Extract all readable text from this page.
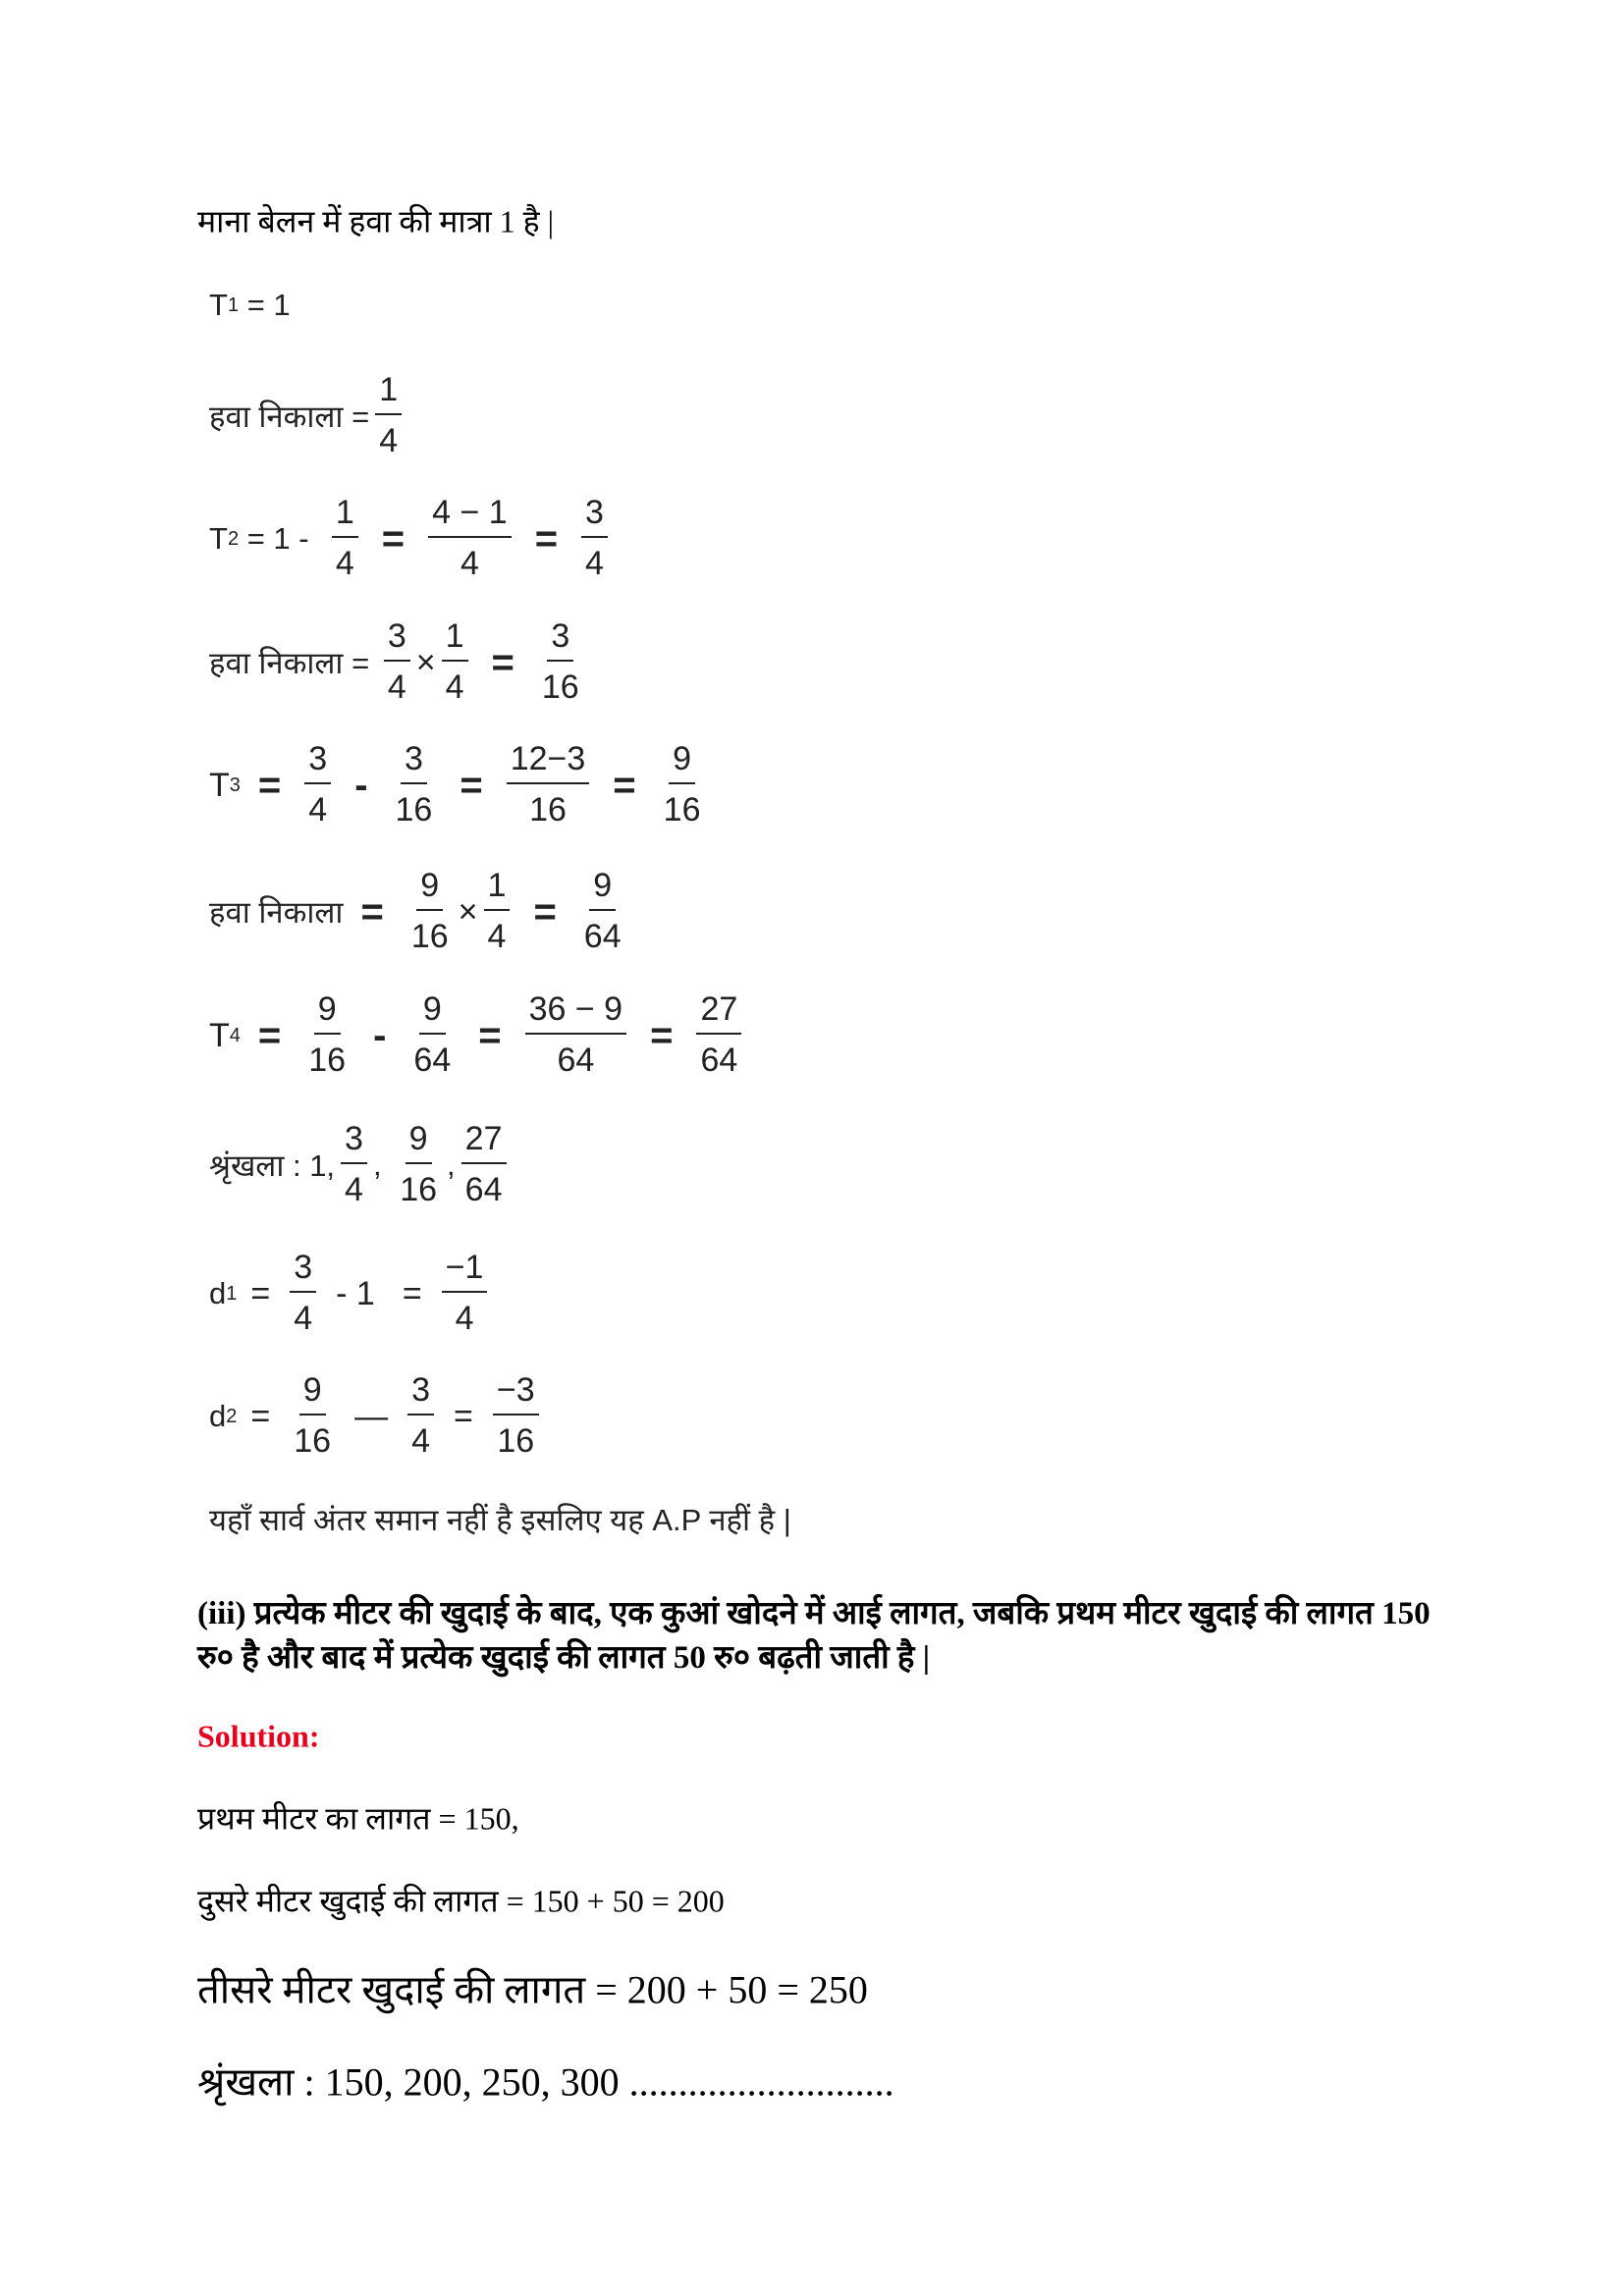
माना बेलन में हवा की मात्रा 1 है |
T 1
= 1
हवा निकाला = $\frac{1}{4}$
T 2
= 1 -
$\frac{1}{4} = \frac{4 - 1}{4} = \frac{3}{4}$
हवा निकाला =
$\frac{3}{4} \times \frac{1}{4} = \frac{3}{16}$
T $3 = \frac{3}{4} - \frac{3}{16} = \frac{12-3}{16} = \frac{9}{16}$
हवा निकाला = $\frac{9}{16} \times \frac{1}{4} = \frac{9}{64}$
T $4 = \frac{9}{16} - \frac{9}{64} = \frac{36 - 9}{64} = \frac{27}{64}$
श्रृंखला : 1, $\frac{3}{4}$ ,
$\frac{9}{16}$ , $\frac{27}{64}$
d $1 = \frac{3}{4} - 1 = \frac{-1}{4}$
d $2 = \frac{9}{16}$ — $\frac{3}{4} = \frac{-3}{16}$
यहाँ सार्व अंतर समान नहीं है इसलिए यह A.P नहीं है |
(iii) प्रत्येक मीटर की खुदाई के बाद, एक कुआं खोदने में आई लागत, जबकि प्रथम मीटर खुदाई की लागत 150 रु० है और बाद में प्रत्येक खुदाई की लागत 50 रु० बढ़ती जाती है |
Solution:
प्रथम मीटर का लागत = 150,
दुसरे मीटर खुदाई की लागत = 150 + 50 = 200
तीसरे मीटर खुदाई की लागत = 200 + 50 = 250
श्रृंखला : 150, 200, 250, 300 ...........................
